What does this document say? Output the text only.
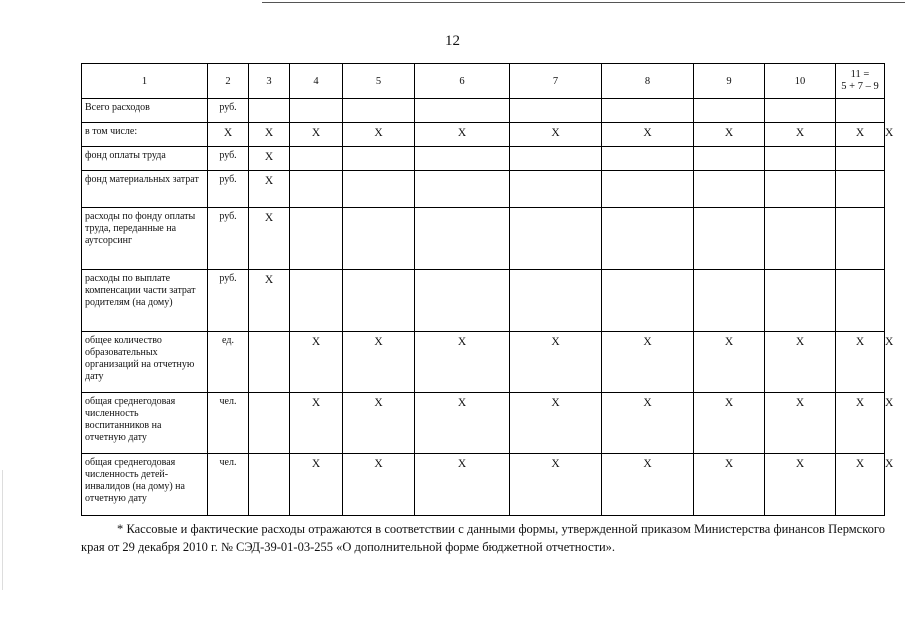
12
1	2	3	4	5	6	7	8	9	10	11 =
5 + 7 – 9	

Всего расходов	руб.										
в том числе:	X	X	X	X	X	X	X	X	X	X	X
фонд оплаты труда	руб.	X									
фонд материальных затрат	руб.	X									
расходы по фонду оплаты труда, переданные на аутсорсинг	руб.	X									
расходы по выплате компенсации части затрат родителям (на дому)	руб.	X									
общее количество образовательных организаций на отчетную дату	ед.		X	X	X	X	X	X	X	X	X
общая среднегодовая численность воспитанников на отчетную дату	чел.		X	X	X	X	X	X	X	X	X
общая среднегодовая численность детей-инвалидов (на дому) на отчетную дату	чел.		X	X	X	X	X	X	X	X	X
* Кассовые и фактические расходы отражаются в соответствии с данными формы, утвержденной приказом Министерства финансов Пермского края от 29 декабря 2010 г. № СЭД-39-01-03-255 «О дополнительной форме бюджетной отчетности».
